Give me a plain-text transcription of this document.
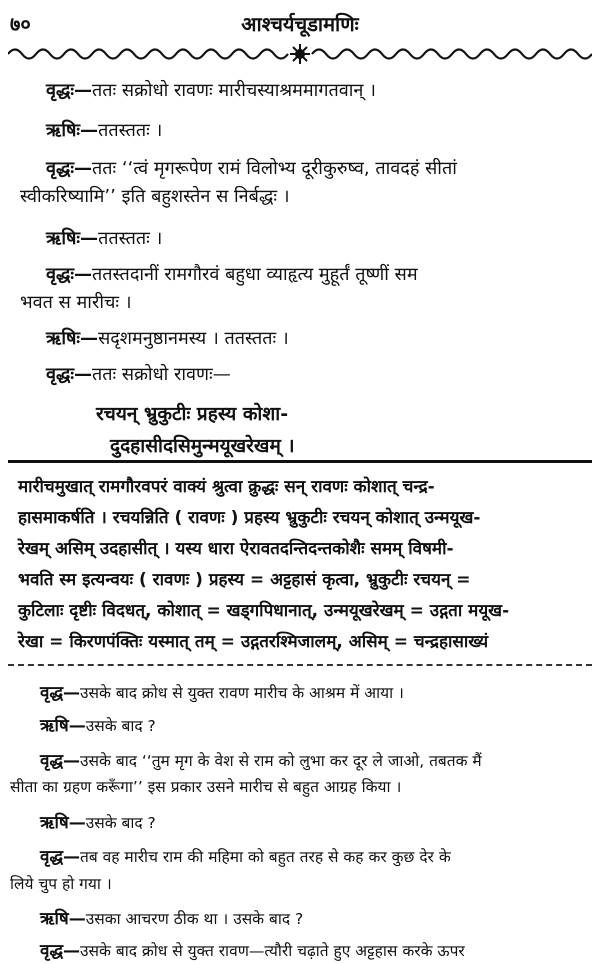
७०	आश्चर्यचूडामणिः
वृद्धः—ततः सक्रोधो रावणः मारीचस्याश्रममागतवान् ।
ऋषिः—ततस्ततः ।
वृद्धः—ततः ‘‘त्वं मृगरूपेण रामं विलोभ्य दूरीकुरुष्व, तावदहं सीतां
स्वीकरिष्यामि’’ इति बहुशस्तेन स निर्बद्धः ।
ऋषिः—ततस्ततः ।
वृद्धः—ततस्तदानीं रामगौरवं बहुधा व्याहृत्य मुहूर्तं तूष्णीं सम
भवत स मारीचः ।
ऋषिः—सदृशमनुष्ठानमस्य । ततस्ततः ।
वृद्धः—ततः सक्रोधो रावणः—
रचयन् भ्रुकुटीः प्रहस्य कोशा-
दुदहासीदसिमुन्मयूखरेखम् ।
मारीचमुखात् रामगौरवपरं वाक्यं श्रुत्वा क्रुद्धः सन् रावणः कोशात् चन्द्र-
हासमाकर्षति । रचयन्निति ( रावणः ) प्रहस्य भ्रुकुटीः रचयन् कोशात् उन्मयूख-
रेखम् असिम् उदहासीत् । यस्य धारा ऐरावतदन्तिदन्तकोशैः समम् विषमी-
भवति स्म इत्यन्वयः ( रावणः ) प्रहस्य = अट्टहासं कृत्वा, भ्रुकुटीः रचयन् =
कुटिलाः दृष्टीः विदधत्, कोशात् = खड्गपिधानात्, उन्मयूखरेखम् = उद्गता मयूख-
रेखा = किरणपंक्तिः यस्मात् तम् = उद्गतरश्मिजालम्, असिम् = चन्द्रहासाख्यं
वृद्ध—उसके बाद क्रोध से युक्त रावण मारीच के आश्रम में आया ।
ऋषि—उसके बाद ?
वृद्ध—उसके बाद ‘‘तुम मृग के वेश से राम को लुभा कर दूर ले जाओ, तबतक मैं
सीता का ग्रहण करूँगा’’ इस प्रकार उसने मारीच से बहुत आग्रह किया ।
ऋषि—उसके बाद ?
वृद्ध—तब वह मारीच राम की महिमा को बहुत तरह से कह कर कुछ देर के
लिये चुप हो गया ।
ऋषि—उसका आचरण ठीक था । उसके बाद ?
वृद्ध—उसके बाद क्रोध से युक्त रावण—त्यौरी चढ़ाते हुए अट्टहास करके ऊपर
